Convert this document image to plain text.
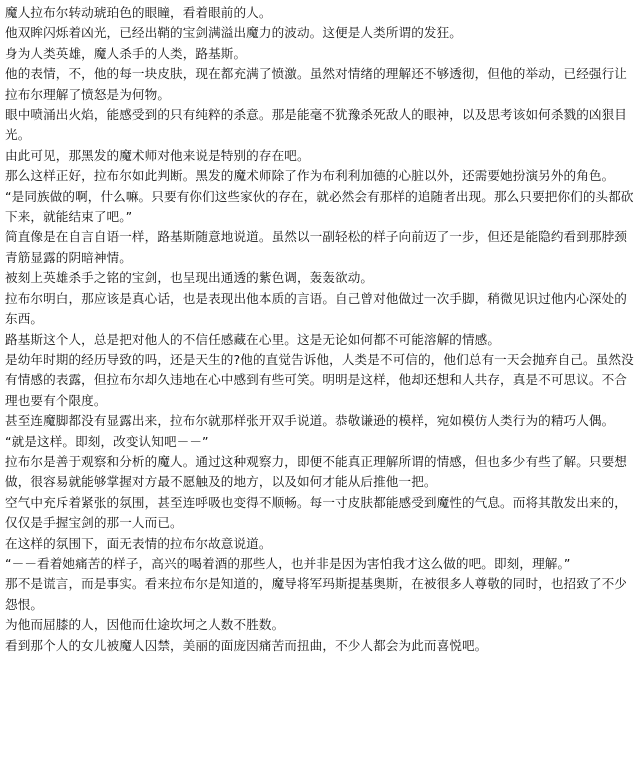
魔人拉布尔转动琥珀色的眼瞳，看着眼前的人。

他双眸闪烁着凶光，已经出鞘的宝剑满溢出魔力的波动。这便是人类所谓的发狂。

身为人类英雄，魔人杀手的人类，路基斯。

他的表情，不，他的每一块皮肤，现在都充满了愤激。虽然对情绪的理解还不够透彻，但他的举动，已经强行让拉布尔理解了愤怒是为何物。

眼中喷涌出火焰，能感受到的只有纯粹的杀意。那是能毫不犹豫杀死敌人的眼神，以及思考该如何杀戮的凶狠目光。

由此可见，那黑发的魔术师对他来说是特别的存在吧。

那么这样正好，拉布尔如此判断。黑发的魔术师除了作为布利利加德的心脏以外，还需要她扮演另外的角色。

“是同族做的啊，什么嘛。只要有你们这些家伙的存在，就必然会有那样的追随者出现。那么只要把你们的头都砍下来，就能结束了吧。”

简直像是在自言自语一样，路基斯随意地说道。虽然以一副轻松的样子向前迈了一步，但还是能隐约看到那脖颈青筋显露的阴暗神情。

被刻上英雄杀手之铭的宝剑，也呈现出通透的紫色调，轰轰欲动。

拉布尔明白，那应该是真心话，也是表现出他本质的言语。自己曾对他做过一次手脚，稍微见识过他内心深处的东西。

路基斯这个人，总是把对他人的不信任感藏在心里。这是无论如何都不可能溶解的情感。

是幼年时期的经历导致的吗，还是天生的?他的直觉告诉他，人类是不可信的，他们总有一天会抛弃自己。虽然没有情感的表露，但拉布尔却久违地在心中感到有些可笑。明明是这样，他却还想和人共存，真是不可思议。不合理也要有个限度。

甚至连魔脚都没有显露出来，拉布尔就那样张开双手说道。恭敬谦逊的模样，宛如模仿人类行为的精巧人偶。

“就是这样。即刻，改变认知吧－－”

拉布尔是善于观察和分析的魔人。通过这种观察力，即便不能真正理解所谓的情感，但也多少有些了解。只要想做，很容易就能够掌握对方最不愿触及的地方，以及如何才能从后推他一把。

空气中充斥着紧张的氛围，甚至连呼吸也变得不顺畅。每一寸皮肤都能感受到魔性的气息。而将其散发出来的，仅仅是手握宝剑的那一人而已。

在这样的氛围下，面无表情的拉布尔故意说道。

“－－看着她痛苦的样子，高兴的喝着酒的那些人，也并非是因为害怕我才这么做的吧。即刻，理解。”

那不是谎言，而是事实。看来拉布尔是知道的，魔导将军玛斯提基奥斯，在被很多人尊敬的同时，也招致了不少怨恨。

为他而屈膝的人，因他而仕途坎坷之人数不胜数。

看到那个人的女儿被魔人囚禁，美丽的面庞因痛苦而扭曲，不少人都会为此而喜悦吧。
